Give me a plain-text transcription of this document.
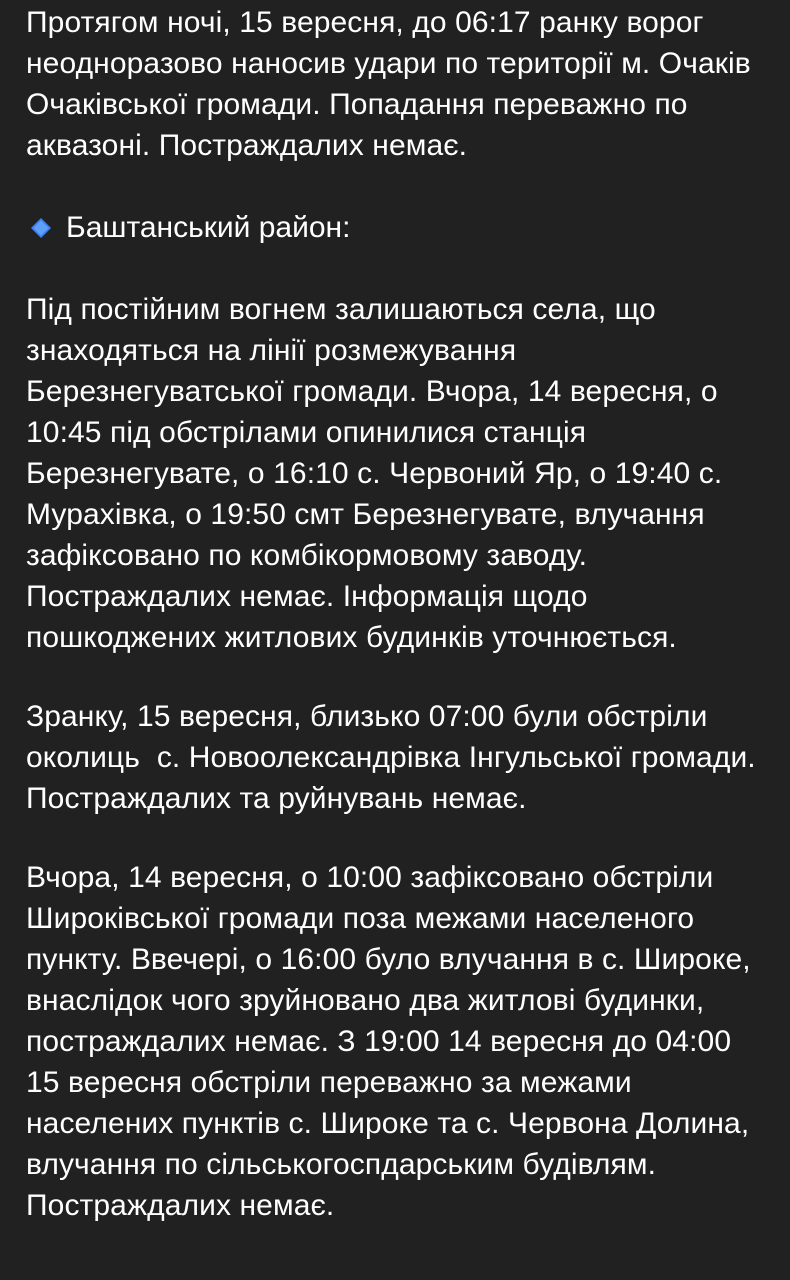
Протягом ночі, 15 вересня, до 06:17 ранку ворог неодноразово наносив удари по території м. Очаків Очаківської громади. Попадання переважно по аквазоні. Постраждалих немає.

Баштанський район:

Під постійним вогнем залишаються села, що знаходяться на лінії розмежування Березнегуватської громади. Вчора, 14 вересня, о 10:45 під обстрілами опинилися станція Березнегувате, о 16:10 с. Червоний Яр, о 19:40 с. Мурахівка, о 19:50 смт Березнегувате, влучання зафіксовано по комбікормовому заводу. Постраждалих немає. Інформація щодо пошкоджених житлових будинків уточнюється.

Зранку, 15 вересня, близько 07:00 були обстріли околиць  с. Новоолександрівка Інгульської громади. Постраждалих та руйнувань немає.

Вчора, 14 вересня, о 10:00 зафіксовано обстріли Широківської громади поза межами населеного пункту. Ввечері, о 16:00 було влучання в с. Широке, внаслідок чого зруйновано два житлові будинки, постраждалих немає. З 19:00 14 вересня до 04:00 15 вересня обстріли переважно за межами населених пунктів с. Широке та с. Червона Долина, влучання по сільськогоспдарським будівлям. Постраждалих немає.
